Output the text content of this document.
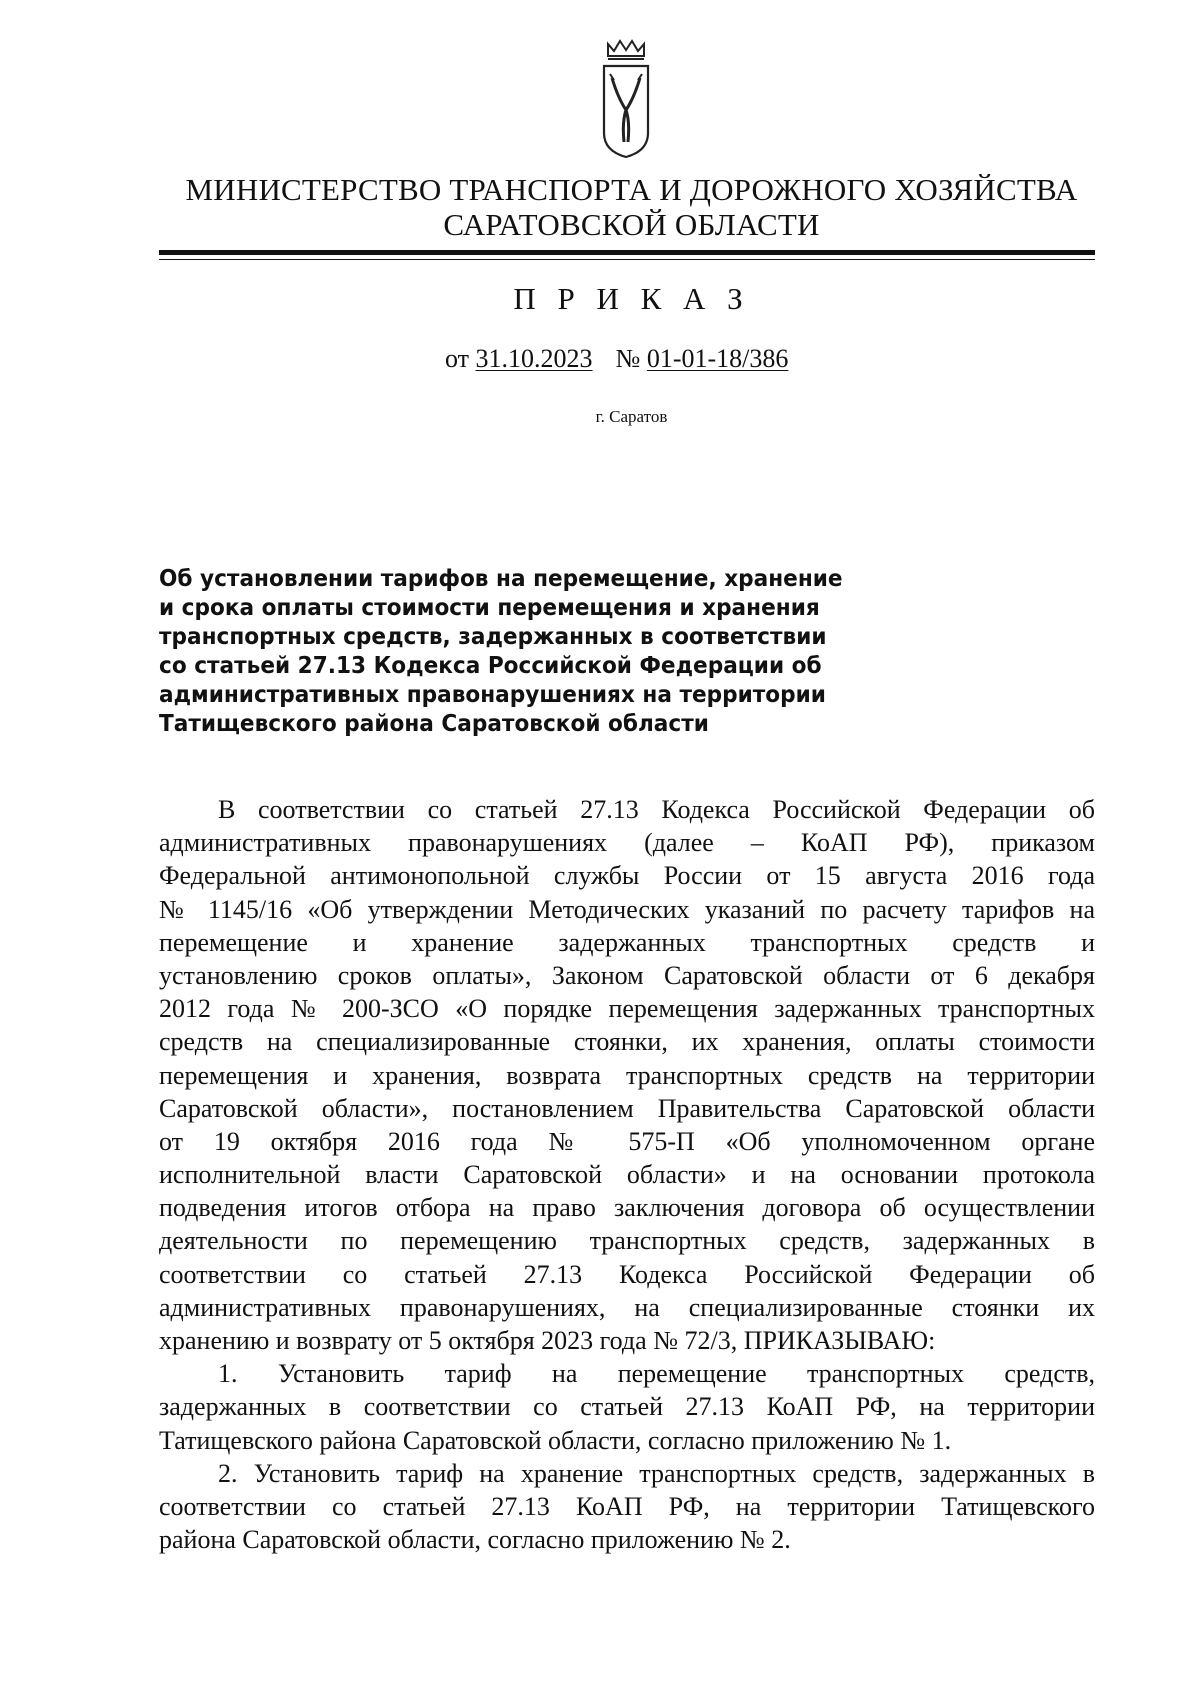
МИНИСТЕРСТВО ТРАНСПОРТА И ДОРОЖНОГО ХОЗЯЙСТВА
САРАТОВСКОЙ ОБЛАСТИ
П Р И К А З
от 31.10.2023 № 01-01-18/386
г. Саратов
Об установлении тарифов на перемещение, хранение
и срока оплаты стоимости перемещения и хранения
транспортных средств, задержанных в соответствии
со статьей 27.13 Кодекса Российской Федерации об
административных правонарушениях на территории
Татищевского района Саратовской области
В соответствии со статьей 27.13 Кодекса Российской Федерации об
административных правонарушениях (далее – КоАП РФ), приказом
Федеральной антимонопольной службы России от 15 августа 2016 года
№ 1145/16 «Об утверждении Методических указаний по расчету тарифов на
перемещение и хранение задержанных транспортных средств и
установлению сроков оплаты», Законом Саратовской области от 6 декабря
2012 года № 200-ЗСО «О порядке перемещения задержанных транспортных
средств на специализированные стоянки, их хранения, оплаты стоимости
перемещения и хранения, возврата транспортных средств на территории
Саратовской области», постановлением Правительства Саратовской области
от 19 октября 2016 года № 575-П «Об уполномоченном органе
исполнительной власти Саратовской области» и на основании протокола
подведения итогов отбора на право заключения договора об осуществлении
деятельности по перемещению транспортных средств, задержанных в
соответствии со статьей 27.13 Кодекса Российской Федерации об
административных правонарушениях, на специализированные стоянки их
хранению и возврату от 5 октября 2023 года № 72/3, ПРИКАЗЫВАЮ:
1. Установить тариф на перемещение транспортных средств,
задержанных в соответствии со статьей 27.13 КоАП РФ, на территории
Татищевского района Саратовской области, согласно приложению № 1.
2. Установить тариф на хранение транспортных средств, задержанных в
соответствии со статьей 27.13 КоАП РФ, на территории Татищевского
района Саратовской области, согласно приложению № 2.
